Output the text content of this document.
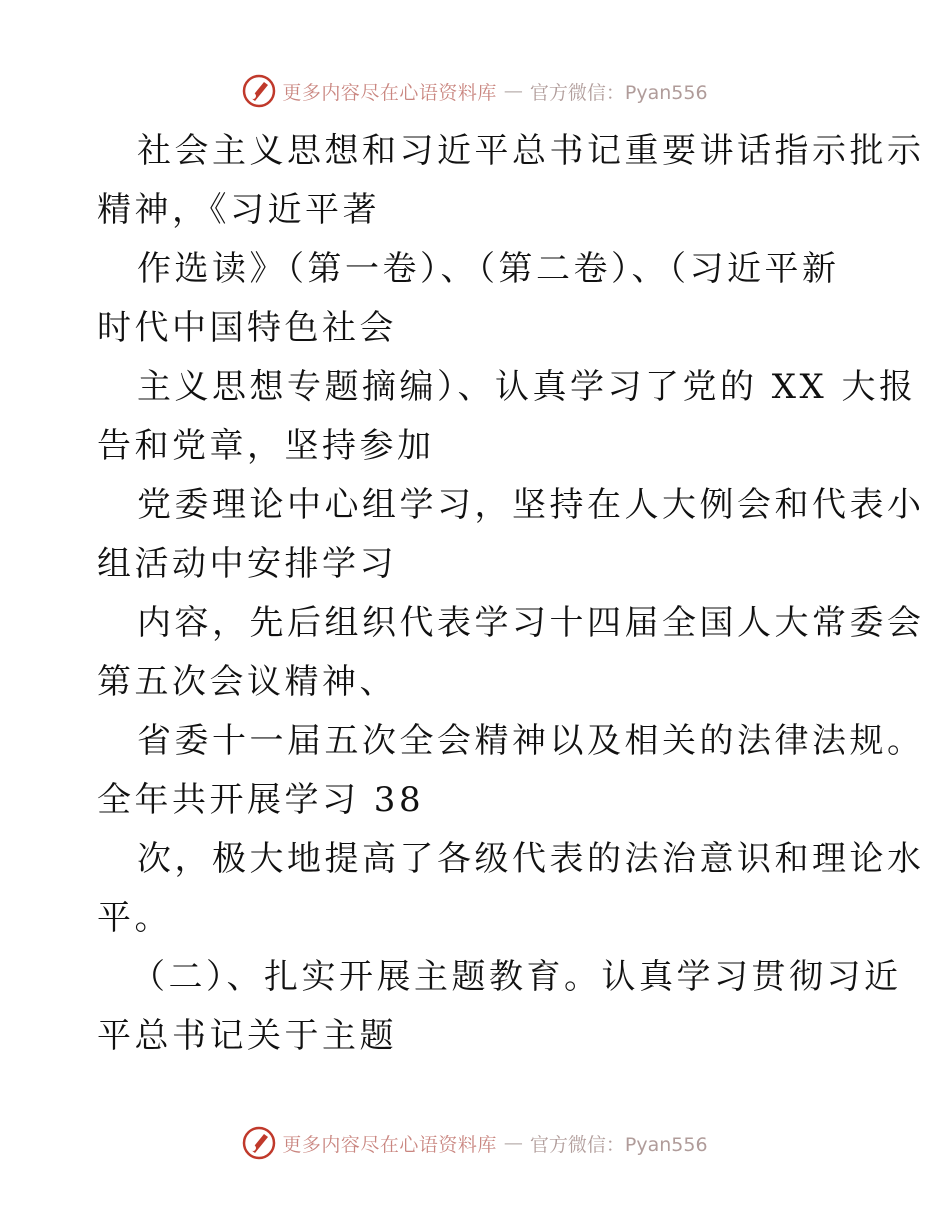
更多内容尽在心语资料库 — 官方微信：Pyan556
社会主义思想和习近平总书记重要讲话指示批示
精神，《习近平著
作选读》（第一卷）、（第二卷）、（习近平新
时代中国特色社会
主义思想专题摘编）、认真学习了党的 XX 大报
告和党章，坚持参加
党委理论中心组学习，坚持在人大例会和代表小
组活动中安排学习
内容，先后组织代表学习十四届全国人大常委会
第五次会议精神、
省委十一届五次全会精神以及相关的法律法规。
全年共开展学习 38
次，极大地提高了各级代表的法治意识和理论水
平。
（二）、扎实开展主题教育。认真学习贯彻习近
平总书记关于主题
更多内容尽在心语资料库 — 官方微信：Pyan556
